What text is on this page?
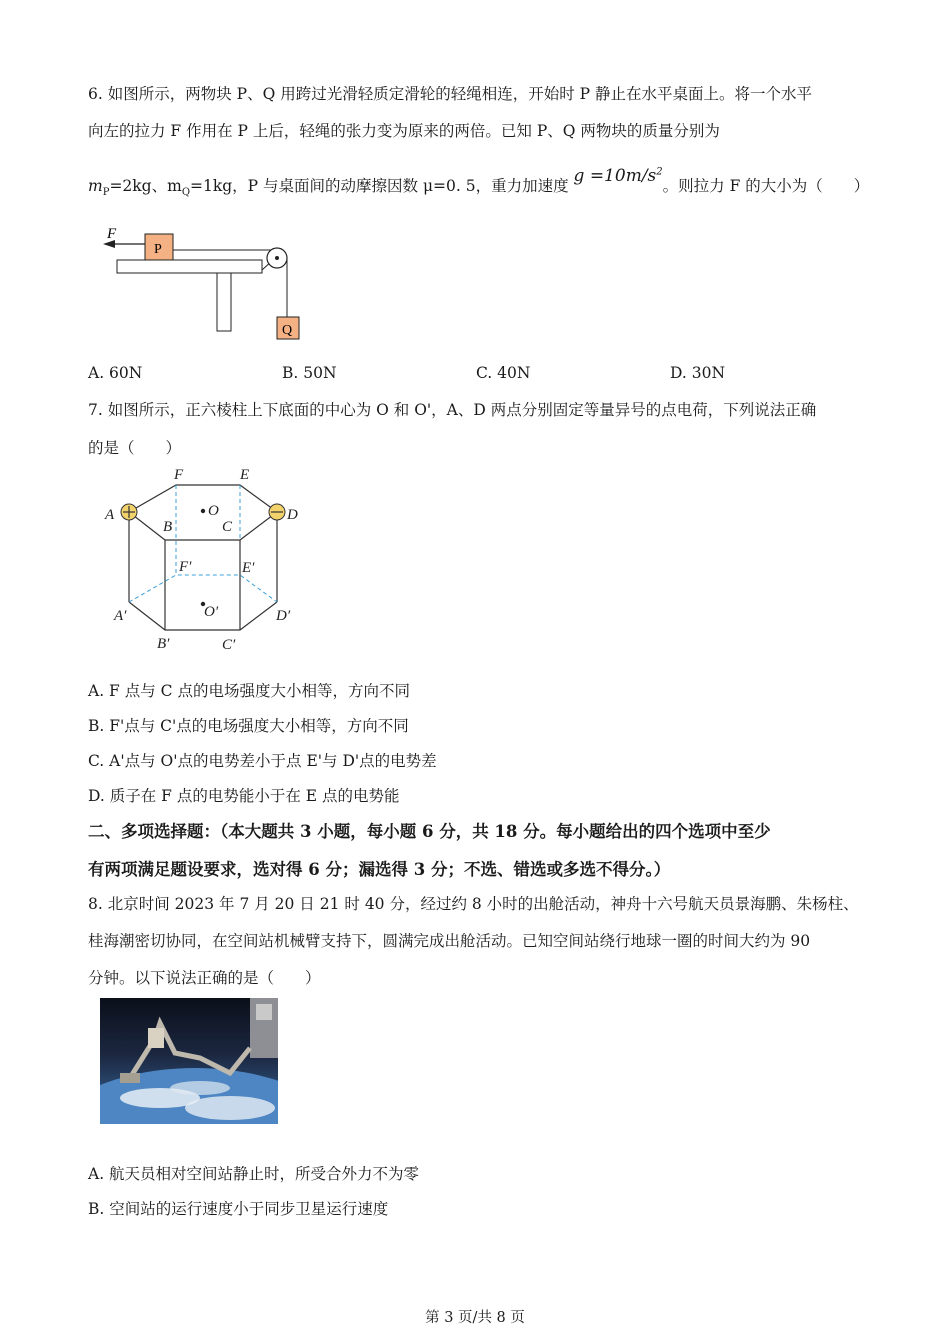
6. 如图所示，两物块 P、Q 用跨过光滑轻质定滑轮的轻绳相连，开始时 P 静止在水平桌面上。将一个水平
向左的拉力 F 作用在 P 上后，轻绳的张力变为原来的两倍。已知 P、Q 两物块的质量分别为
$m_P=2kg$、$m_Q=1kg$，P 与桌面间的动摩擦因数 μ=0. 5，重力加速度 $g =10m/s^2$。则拉力 F 的大小为（　　）
F
P
Q
A. 60N	B. 50N	C. 40N	D. 30N
7. 如图所示，正六棱柱上下底面的中心为 O 和 O'，A、D 两点分别固定等量异号的点电荷，下列说法正确
的是（　　）
A
B	C
D
E
F
O
F′	E′
O′
A′
B′	C′
D′
A. F 点与 C 点的电场强度大小相等，方向不同
B. F'点与 C'点的电场强度大小相等，方向不同
C. A'点与 O'点的电势差小于点 E'与 D'点的电势差
D. 质子在 F 点的电势能小于在 E 点的电势能
二、多项选择题：（本大题共 3 小题，每小题 6 分，共 18 分。每小题给出的四个选项中至少
有两项满足题设要求，选对得 6 分；漏选得 3 分；不选、错选或多选不得分。）
8. 北京时间 2023 年 7 月 20 日 21 时 40 分，经过约 8 小时的出舱活动，神舟十六号航天员景海鹏、朱杨柱、
桂海潮密切协同，在空间站机械臂支持下，圆满完成出舱活动。已知空间站绕行地球一圈的时间大约为 90
分钟。以下说法正确的是（　　）
A. 航天员相对空间站静止时，所受合外力不为零
B. 空间站的运行速度小于同步卫星运行速度
第 3 页/共 8 页
